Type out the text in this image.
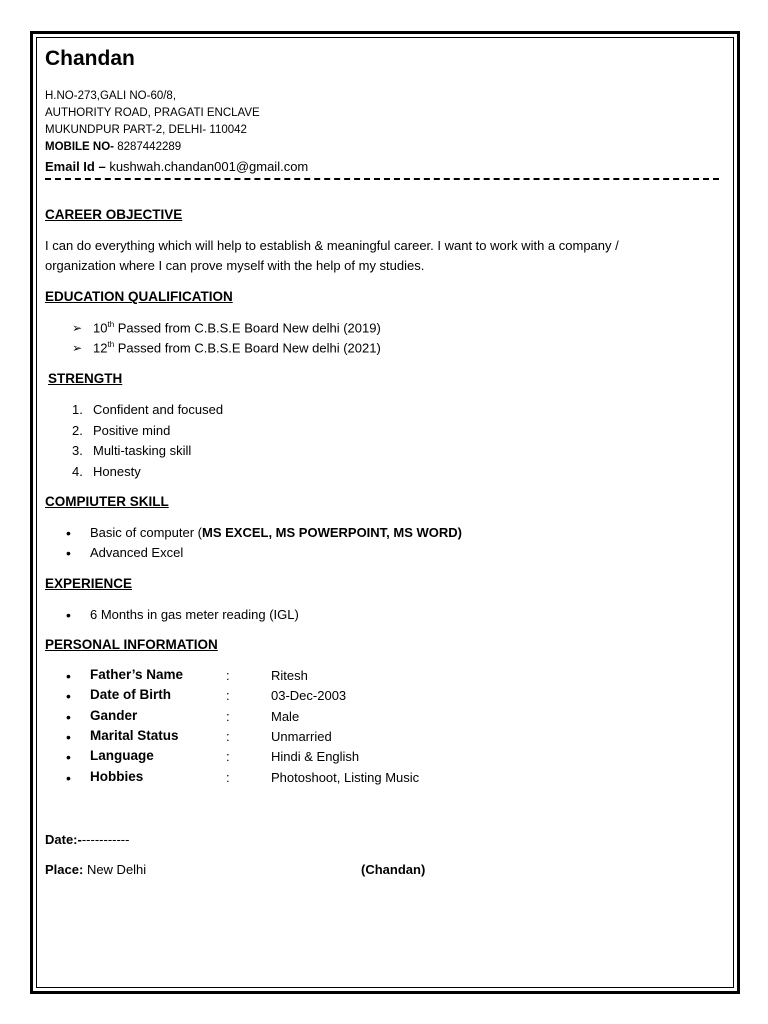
Chandan
H.NO-273,GALI NO-60/8,
AUTHORITY ROAD, PRAGATI ENCLAVE
MUKUNDPUR PART-2, DELHI- 110042
MOBILE NO- 8287442289
Email Id – kushwah.chandan001@gmail.com
CAREER OBJECTIVE
I can do everything which will help to establish & meaningful career. I want to work with a company /
organization where I can prove myself with the help of my studies.
EDUCATION QUALIFICATION
➢ 10th Passed from C.B.S.E Board New delhi (2019)
➢ 12th Passed from C.B.S.E Board New delhi (2021)
STRENGTH
1. Confident and focused
2. Positive mind
3. Multi-tasking skill
4. Honesty
COMPIUTER SKILL
• Basic of computer (MS EXCEL, MS POWERPOINT, MS WORD)
• Advanced Excel
EXPERIENCE
• 6 Months in gas meter reading (IGL)
PERSONAL INFORMATION
• Father’s Name	:	Ritesh
• Date of Birth	:	03-Dec-2003
• Gander	:	Male
• Marital Status	:	Unmarried
• Language	:	Hindi & English
• Hobbies	:	Photoshoot, Listing Music
Date:------------
Place: New Delhi	(Chandan)
